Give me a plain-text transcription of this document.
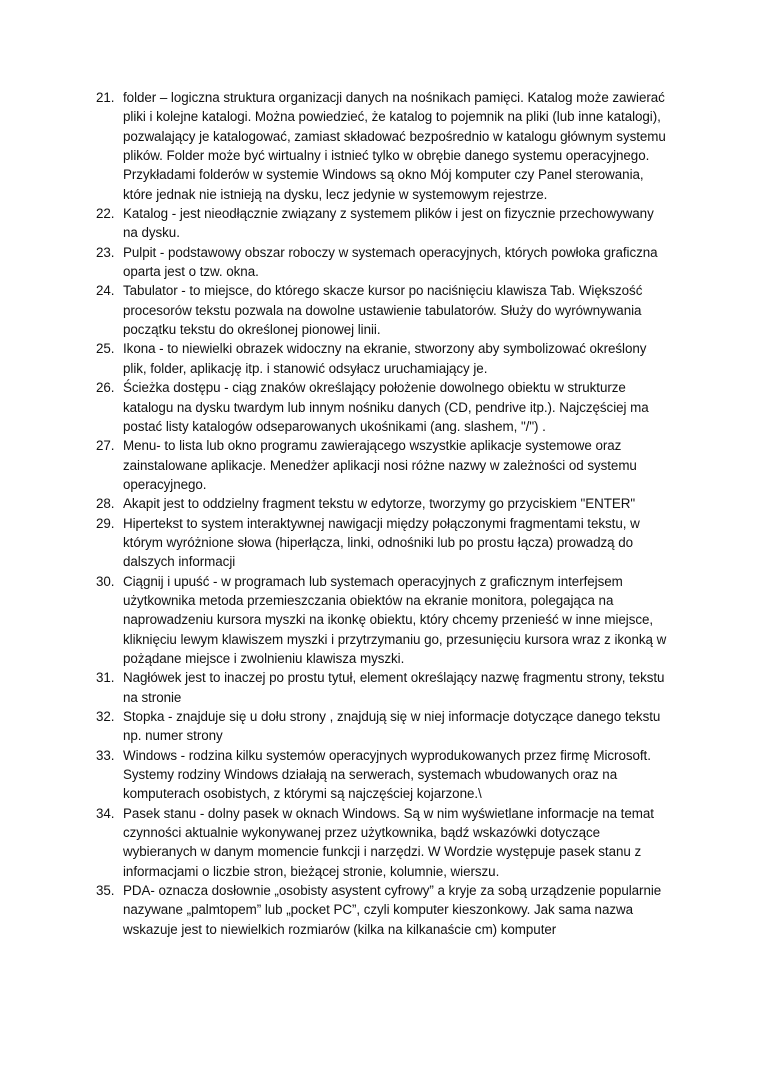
21. folder – logiczna struktura organizacji danych na nośnikach pamięci. Katalog może zawierać pliki i kolejne katalogi. Można powiedzieć, że katalog to pojemnik na pliki (lub inne katalogi), pozwalający je katalogować, zamiast składować bezpośrednio w katalogu głównym systemu plików. Folder może być wirtualny i istnieć tylko w obrębie danego systemu operacyjnego. Przykładami folderów w systemie Windows są okno Mój komputer czy Panel sterowania, które jednak nie istnieją na dysku, lecz jedynie w systemowym rejestrze.
22. Katalog - jest nieodłącznie związany z systemem plików i jest on fizycznie przechowywany na dysku.
23. Pulpit - podstawowy obszar roboczy w systemach operacyjnych, których powłoka graficzna oparta jest o tzw. okna.
24. Tabulator - to miejsce, do którego skacze kursor po naciśnięciu klawisza Tab. Większość procesorów tekstu pozwala na dowolne ustawienie tabulatorów. Służy do wyrównywania początku tekstu do określonej pionowej linii.
25. Ikona - to niewielki obrazek widoczny na ekranie, stworzony aby symbolizować określony plik, folder, aplikację itp. i stanowić odsyłacz uruchamiający je.
26. Ścieżka dostępu - ciąg znaków określający położenie dowolnego obiektu w strukturze katalogu na dysku twardym lub innym nośniku danych (CD, pendrive itp.). Najczęściej ma postać listy katalogów odseparowanych ukośnikami (ang. slashem, "/") .
27. Menu- to lista lub okno programu zawierającego wszystkie aplikacje systemowe oraz zainstalowane aplikacje. Menedżer aplikacji nosi różne nazwy w zależności od systemu operacyjnego.
28. Akapit jest to oddzielny fragment tekstu w edytorze, tworzymy go przyciskiem "ENTER"
29. Hipertekst to system interaktywnej nawigacji między połączonymi fragmentami tekstu, w którym wyróżnione słowa (hiperłącza, linki, odnośniki lub po prostu łącza) prowadzą do dalszych informacji
30. Ciągnij i upuść - w programach lub systemach operacyjnych z graficznym interfejsem użytkownika metoda przemieszczania obiektów na ekranie monitora, polegająca na naprowadzeniu kursora myszki na ikonkę obiektu, który chcemy przenieść w inne miejsce, kliknięciu lewym klawiszem myszki i przytrzymaniu go, przesunięciu kursora wraz z ikonką w pożądane miejsce i zwolnieniu klawisza myszki.
31. Nagłówek jest to inaczej po prostu tytuł, element określający nazwę fragmentu strony, tekstu na stronie
32. Stopka - znajduje się u dołu strony , znajdują się w niej informacje dotyczące danego tekstu np. numer strony
33. Windows - rodzina kilku systemów operacyjnych wyprodukowanych przez firmę Microsoft. Systemy rodziny Windows działają na serwerach, systemach wbudowanych oraz na komputerach osobistych, z którymi są najczęściej kojarzone.\
34. Pasek stanu - dolny pasek w oknach Windows. Są w nim wyświetlane informacje na temat czynności aktualnie wykonywanej przez użytkownika, bądź wskazówki dotyczące wybieranych w danym momencie funkcji i narzędzi. W Wordzie występuje pasek stanu z informacjami o liczbie stron, bieżącej stronie, kolumnie, wierszu.
35. PDA- oznacza dosłownie „osobisty asystent cyfrowy” a kryje za sobą urządzenie popularnie nazywane „palmtopem” lub „pocket PC”, czyli komputer kieszonkowy. Jak sama nazwa wskazuje jest to niewielkich rozmiarów (kilka na kilkanaście cm) komputer
